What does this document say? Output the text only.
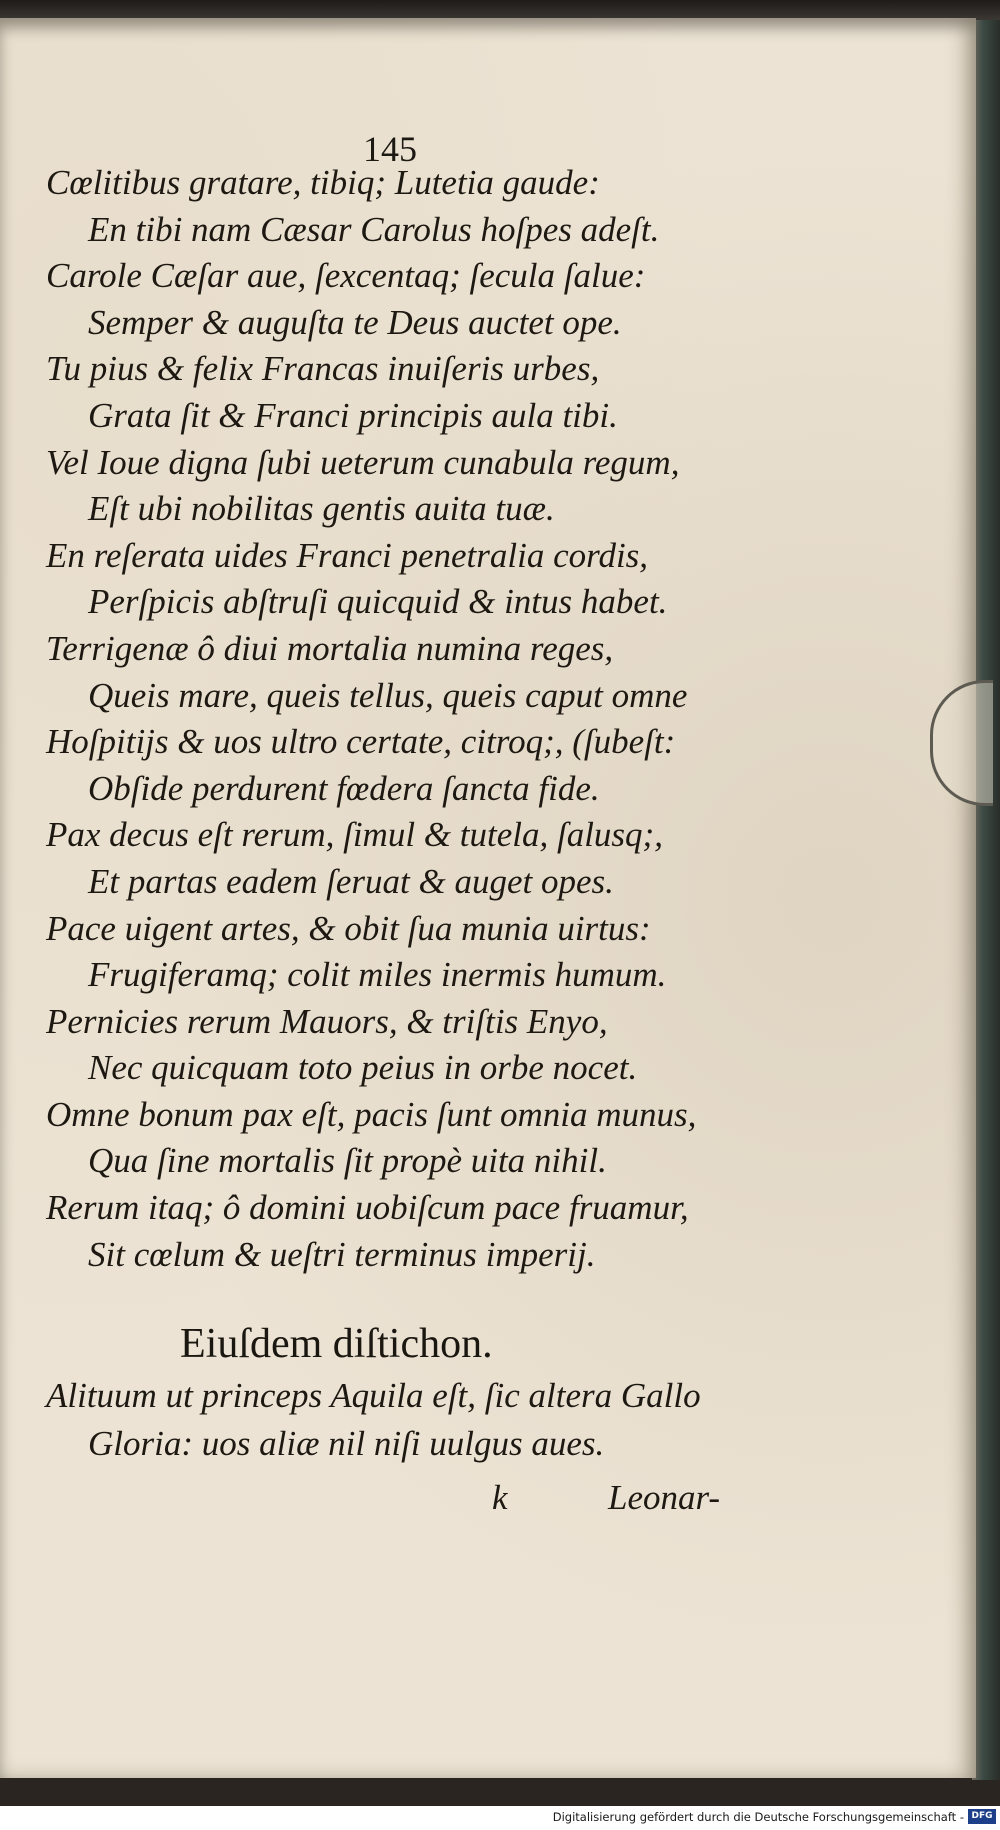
145
Cœlitibus gratare, tibiq; Lutetia gaude:
En tibi nam Cæsar Carolus hoſpes adeſt.
Carole Cæſar aue, ſexcentaq; ſecula ſalue:
Semper & auguſta te Deus auctet ope.
Tu pius & felix Francas inuiſeris urbes,
Grata ſit & Franci principis aula tibi.
Vel Ioue digna ſubi ueterum cunabula regum,
Eſt ubi nobilitas gentis auita tuæ.
En reſerata uides Franci penetralia cordis,
Perſpicis abſtruſi quicquid & intus habet.
Terrigenæ ô diui mortalia numina reges,
Queis mare, queis tellus, queis caput omne
Hoſpitijs & uos ultro certate, citroq;, (ſubeſt:
Obſide perdurent fœdera ſancta fide.
Pax decus eſt rerum, ſimul & tutela, ſalusq;,
Et partas eadem ſeruat & auget opes.
Pace uigent artes, & obit ſua munia uirtus:
Frugiferamq; colit miles inermis humum.
Pernicies rerum Mauors, & triſtis Enyo,
Nec quicquam toto peius in orbe nocet.
Omne bonum pax eſt, pacis ſunt omnia munus,
Qua ſine mortalis ſit propè uita nihil.
Rerum itaq; ô domini uobiſcum pace fruamur,
Sit cœlum & ueſtri terminus imperij.
Eiuſdem diſtichon.
Alituum ut princeps Aquila eſt, ſic altera Gallo
Gloria: uos aliæ nil niſi uulgus aues.
k	Leonar-
Digitalisierung gefördert durch die Deutsche Forschungsgemeinschaft - DFG
